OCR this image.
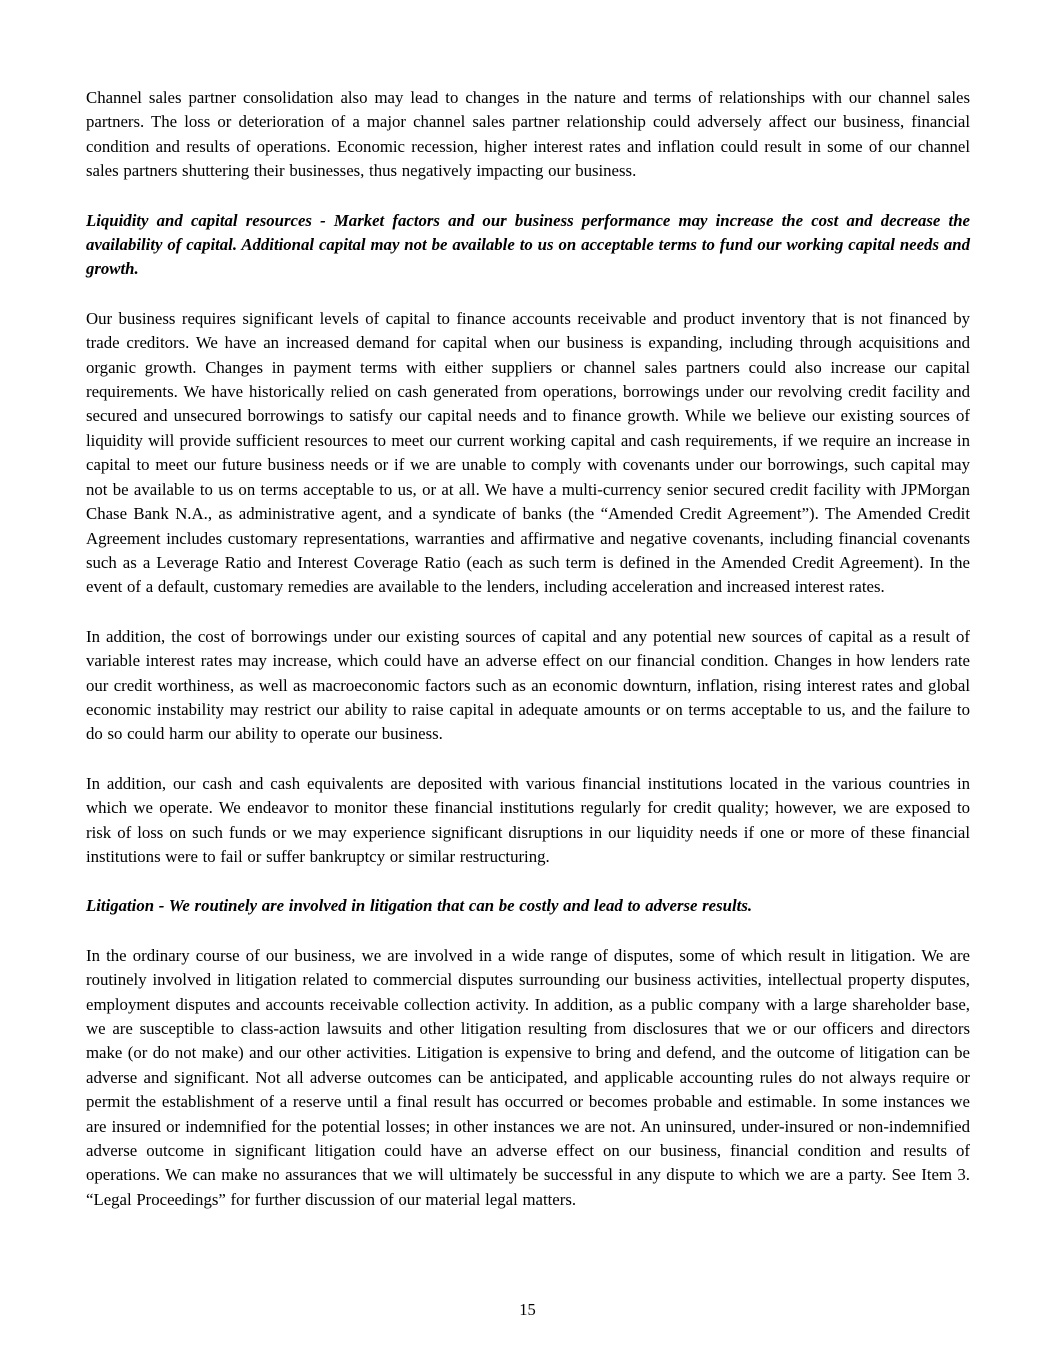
Channel sales partner consolidation also may lead to changes in the nature and terms of relationships with our channel sales partners. The loss or deterioration of a major channel sales partner relationship could adversely affect our business, financial condition and results of operations. Economic recession, higher interest rates and inflation could result in some of our channel sales partners shuttering their businesses, thus negatively impacting our business.

Liquidity and capital resources - Market factors and our business performance may increase the cost and decrease the availability of capital. Additional capital may not be available to us on acceptable terms to fund our working capital needs and growth.

Our business requires significant levels of capital to finance accounts receivable and product inventory that is not financed by trade creditors. We have an increased demand for capital when our business is expanding, including through acquisitions and organic growth. Changes in payment terms with either suppliers or channel sales partners could also increase our capital requirements. We have historically relied on cash generated from operations, borrowings under our revolving credit facility and secured and unsecured borrowings to satisfy our capital needs and to finance growth. While we believe our existing sources of liquidity will provide sufficient resources to meet our current working capital and cash requirements, if we require an increase in capital to meet our future business needs or if we are unable to comply with covenants under our borrowings, such capital may not be available to us on terms acceptable to us, or at all. We have a multi-currency senior secured credit facility with JPMorgan Chase Bank N.A., as administrative agent, and a syndicate of banks (the “Amended Credit Agreement”). The Amended Credit Agreement includes customary representations, warranties and affirmative and negative covenants, including financial covenants such as a Leverage Ratio and Interest Coverage Ratio (each as such term is defined in the Amended Credit Agreement). In the event of a default, customary remedies are available to the lenders, including acceleration and increased interest rates.

In addition, the cost of borrowings under our existing sources of capital and any potential new sources of capital as a result of variable interest rates may increase, which could have an adverse effect on our financial condition. Changes in how lenders rate our credit worthiness, as well as macroeconomic factors such as an economic downturn, inflation, rising interest rates and global economic instability may restrict our ability to raise capital in adequate amounts or on terms acceptable to us, and the failure to do so could harm our ability to operate our business.

In addition, our cash and cash equivalents are deposited with various financial institutions located in the various countries in which we operate. We endeavor to monitor these financial institutions regularly for credit quality; however, we are exposed to risk of loss on such funds or we may experience significant disruptions in our liquidity needs if one or more of these financial institutions were to fail or suffer bankruptcy or similar restructuring.

Litigation - We routinely are involved in litigation that can be costly and lead to adverse results.

In the ordinary course of our business, we are involved in a wide range of disputes, some of which result in litigation. We are routinely involved in litigation related to commercial disputes surrounding our business activities, intellectual property disputes, employment disputes and accounts receivable collection activity. In addition, as a public company with a large shareholder base, we are susceptible to class-action lawsuits and other litigation resulting from disclosures that we or our officers and directors make (or do not make) and our other activities. Litigation is expensive to bring and defend, and the outcome of litigation can be adverse and significant. Not all adverse outcomes can be anticipated, and applicable accounting rules do not always require or permit the establishment of a reserve until a final result has occurred or becomes probable and estimable. In some instances we are insured or indemnified for the potential losses; in other instances we are not. An uninsured, under-insured or non-indemnified adverse outcome in significant litigation could have an adverse effect on our business, financial condition and results of operations. We can make no assurances that we will ultimately be successful in any dispute to which we are a party. See Item 3. “Legal Proceedings” for further discussion of our material legal matters.

15
